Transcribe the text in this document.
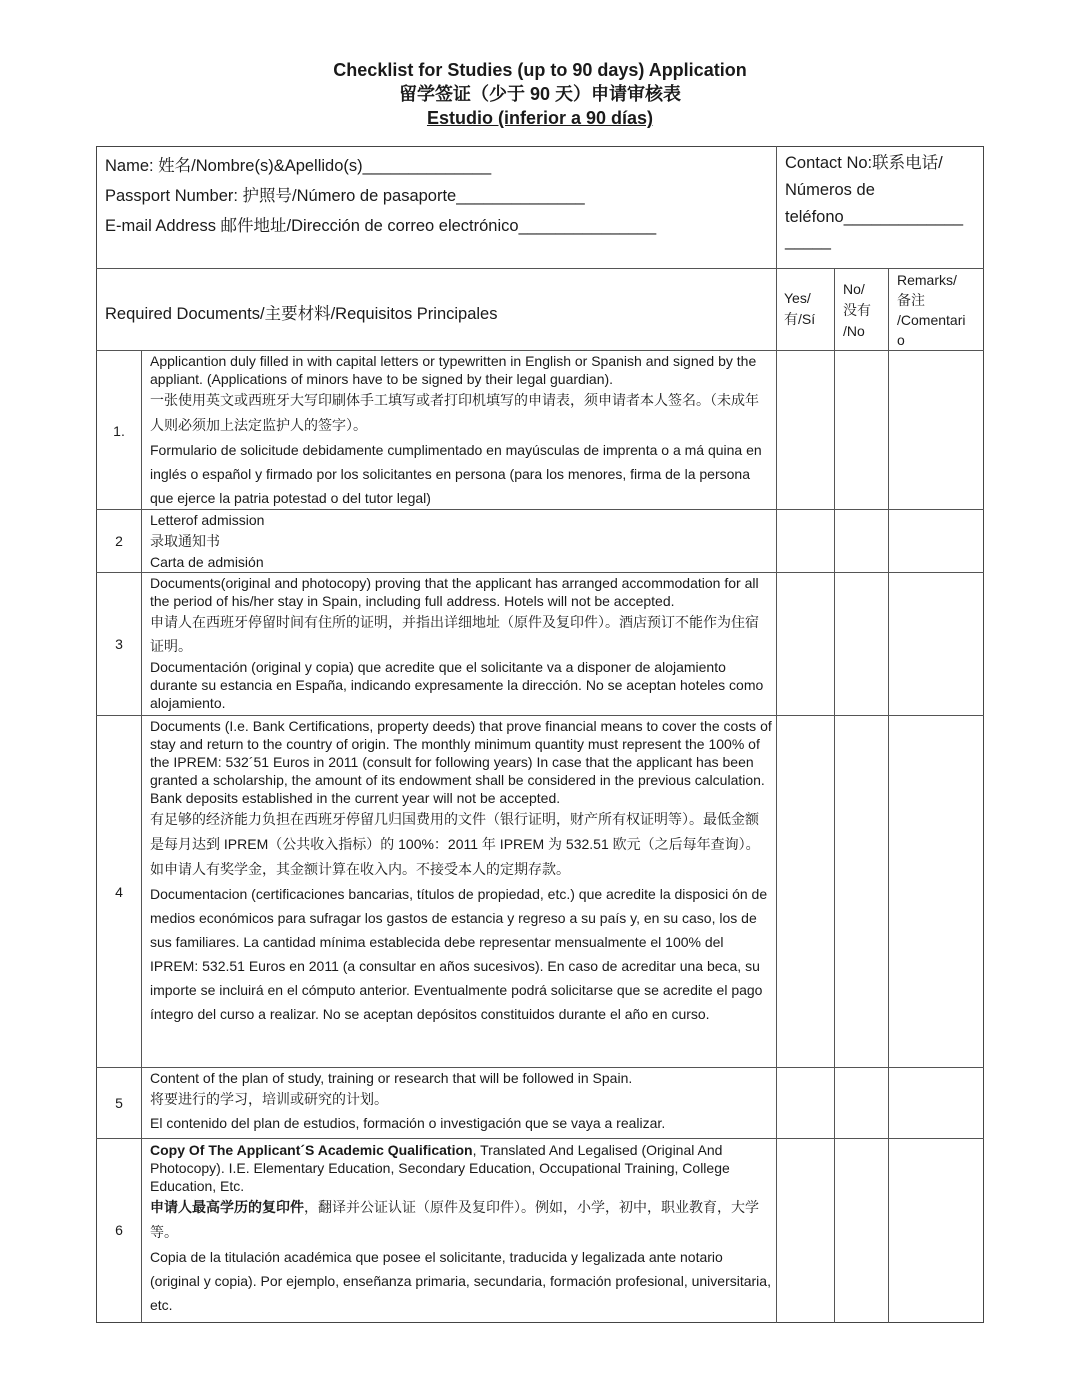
Checklist for Studies (up to 90 days) Application
留学签证（少于 90 天）申请审核表
Estudio (inferior a 90 días)
Name: 姓名/Nombre(s)&Apellido(s)______________
Passport Number: 护照号/Número de pasaporte______________
E-mail Address 邮件地址/Dirección de correo electrónico_______________
Contact No:联系电话/
Números de
teléfono_____________
_____
Required Documents/主要材料/Requisitos Principales
Yes/
有/Sí
No/
没有
/No
Remarks/
备注
/Comentari
o
1.

Applicantion duly filled in with capital letters or typewritten in English or Spanish and signed by the appliant. (Applications of minors have to be signed by their legal guardian).

一张使用英文或西班牙大写印刷体手工填写或者打印机填写的申请表，须申请者本人签名。（未成年人则必须加上法定监护人的签字）。

Formulario de solicitude debidamente cumplimentado en mayúsculas de imprenta o a má quina en inglés o español y firmado por los solicitantes en persona (para los menores, firma de la persona que ejerce la patria potestad o del tutor legal)

2

Letterof admission

录取通知书

Carta de admisión

3

Documents(original and photocopy) proving that the applicant has arranged accommodation for all the period of his/her stay in Spain, including full address. Hotels will not be accepted.

申请人在西班牙停留时间有住所的证明，并指出详细地址（原件及复印件）。酒店预订不能作为住宿证明。

Documentación (original y copia) que acredite que el solicitante va a disponer de alojamiento durante su estancia en España, indicando expresamente la dirección. No se aceptan hoteles como alojamiento.

4

Documents (I.e. Bank Certifications, property deeds) that prove financial means to cover the costs of stay and return to the country of origin. The monthly minimum quantity must represent the 100% of the IPREM: 532´51 Euros in 2011 (consult for following years) In case that the applicant has been granted a scholarship, the amount of its endowment shall be considered in the previous calculation. Bank deposits established in the current year will not be accepted.

有足够的经济能力负担在西班牙停留几归国费用的文件（银行证明，财产所有权证明等）。最低金额是每月达到 IPREM（公共收入指标）的 100%：2011 年 IPREM 为 532.51 欧元（之后每年查询）。如申请人有奖学金，其金额计算在收入内。不接受本人的定期存款。

Documentacion (certificaciones bancarias, títulos de propiedad, etc.) que acredite la disposici ón de medios económicos para sufragar los gastos de estancia y regreso a su país y, en su caso, los de sus familiares. La cantidad mínima establecida debe representar mensualmente el 100% del IPREM: 532.51 Euros en 2011 (a consultar en años sucesivos). En caso de acreditar una beca, su importe se incluirá en el cómputo anterior. Eventualmente podrá solicitarse que se acredite el pago íntegro del curso a realizar. No se aceptan depósitos constituidos durante el año en curso.

5

Content of the plan of study, training or research that will be followed in Spain.

将要进行的学习，培训或研究的计划。

El contenido del plan de estudios, formación o investigación que se vaya a realizar.

6

Copy Of The Applicant´S Academic Qualification, Translated And Legalised (Original And Photocopy). I.E. Elementary Education, Secondary Education, Occupational Training, College Education, Etc.

申请人最高学历的复印件，翻译并公证认证（原件及复印件）。例如，小学，初中，职业教育，大学等。

Copia de la titulación académica que posee el solicitante, traducida y legalizada ante notario (original y copia). Por ejemplo, enseñanza primaria, secundaria, formación profesional, universitaria, etc.
